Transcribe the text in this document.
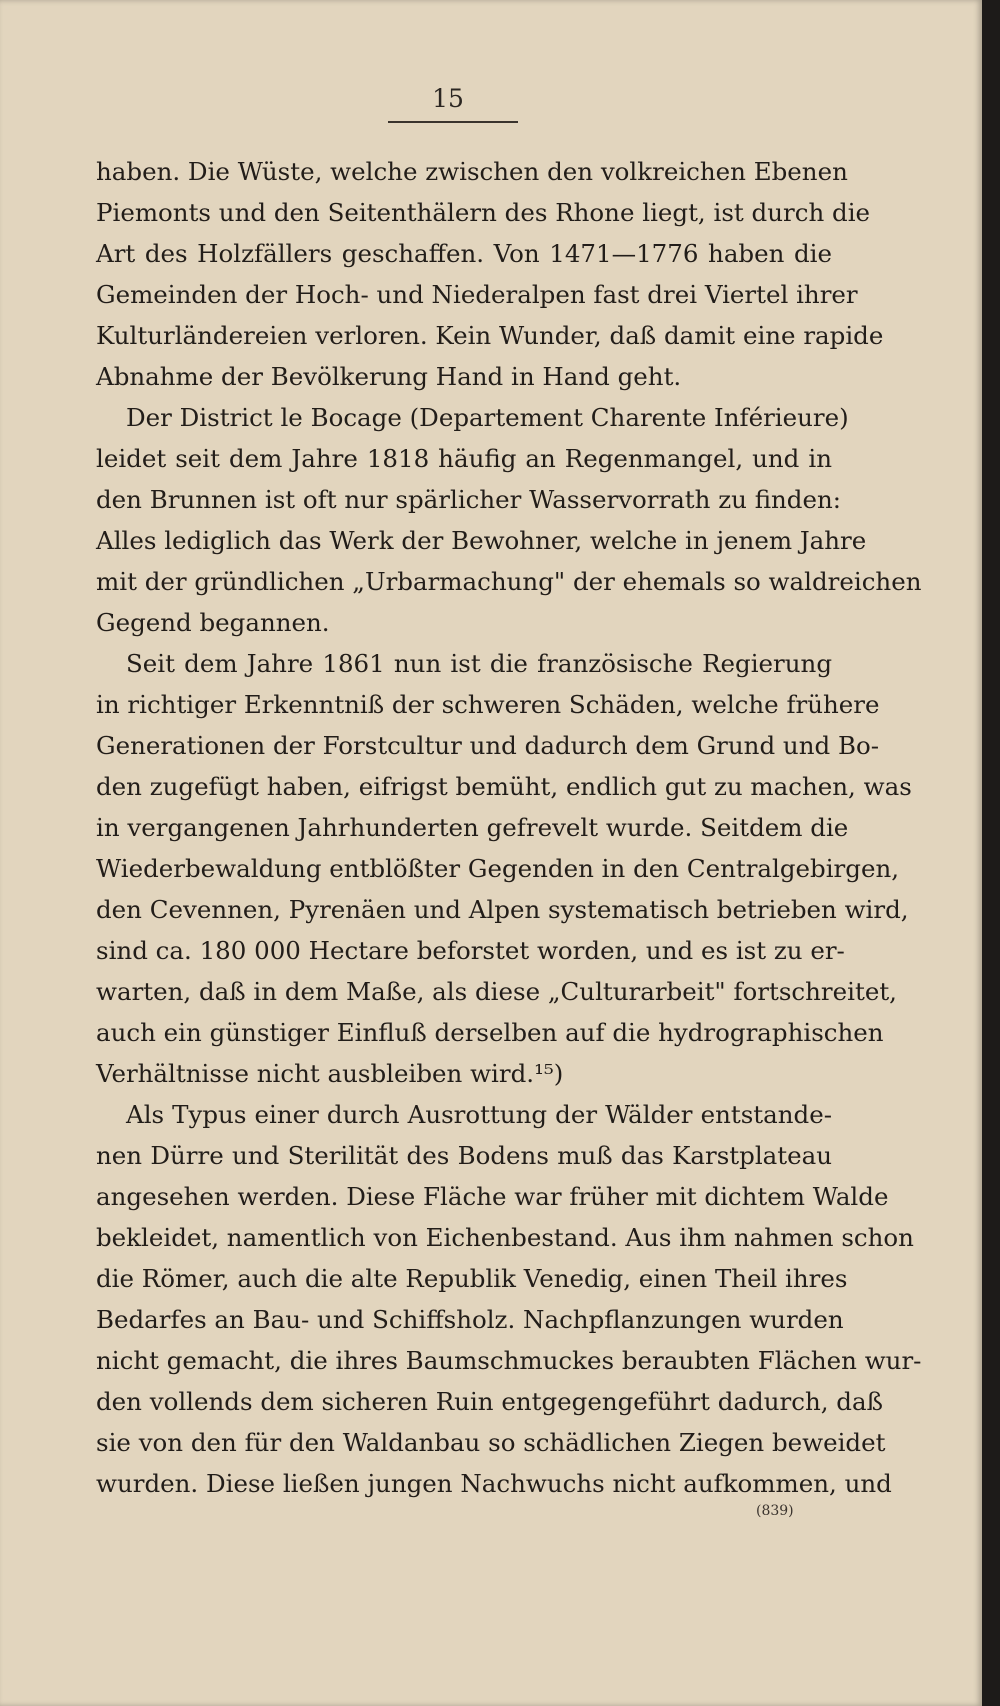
15
haben. Die Wüste, welche zwischen den volkreichen Ebenen
Piemonts und den Seitenthälern des Rhone liegt, ist durch die
Art des Holzfällers geschaffen. Von 1471—1776 haben die
Gemeinden der Hoch- und Niederalpen fast drei Viertel ihrer
Kulturländereien verloren. Kein Wunder, daß damit eine rapide
Abnahme der Bevölkerung Hand in Hand geht.
Der District le Bocage (Departement Charente Inférieure)
leidet seit dem Jahre 1818 häufig an Regenmangel, und in
den Brunnen ist oft nur spärlicher Wasservorrath zu finden:
Alles lediglich das Werk der Bewohner, welche in jenem Jahre
mit der gründlichen „Urbarmachung" der ehemals so waldreichen
Gegend begannen.
Seit dem Jahre 1861 nun ist die französische Regierung
in richtiger Erkenntniß der schweren Schäden, welche frühere
Generationen der Forstcultur und dadurch dem Grund und Bo-
den zugefügt haben, eifrigst bemüht, endlich gut zu machen, was
in vergangenen Jahrhunderten gefrevelt wurde. Seitdem die
Wiederbewaldung entblößter Gegenden in den Centralgebirgen,
den Cevennen, Pyrenäen und Alpen systematisch betrieben wird,
sind ca. 180 000 Hectare beforstet worden, und es ist zu er-
warten, daß in dem Maße, als diese „Culturarbeit" fortschreitet,
auch ein günstiger Einfluß derselben auf die hydrographischen
Verhältnisse nicht ausbleiben wird.¹⁵)
Als Typus einer durch Ausrottung der Wälder entstande-
nen Dürre und Sterilität des Bodens muß das Karstplateau
angesehen werden. Diese Fläche war früher mit dichtem Walde
bekleidet, namentlich von Eichenbestand. Aus ihm nahmen schon
die Römer, auch die alte Republik Venedig, einen Theil ihres
Bedarfes an Bau- und Schiffsholz. Nachpflanzungen wurden
nicht gemacht, die ihres Baumschmuckes beraubten Flächen wur-
den vollends dem sicheren Ruin entgegengeführt dadurch, daß
sie von den für den Waldanbau so schädlichen Ziegen beweidet
wurden. Diese ließen jungen Nachwuchs nicht aufkommen, und
(839)
